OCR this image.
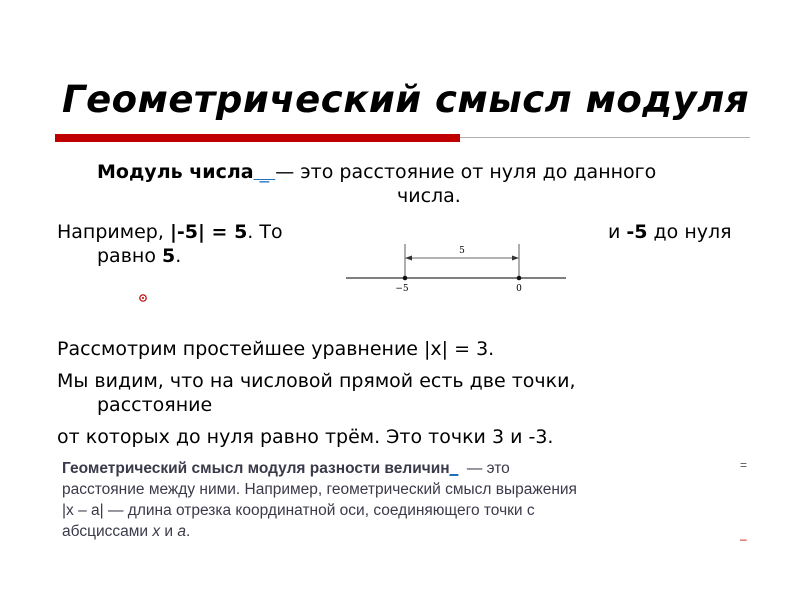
Геометрический смысл модуля
Модуль числа _ — это расстояние от нуля до данного
числа.
Например, |-5| = 5. То	и -5 до нуля
равно 5.	5
−5	0
Рассмотрим простейшее уравнение |x| = 3.
Мы видим, что на числовой прямой есть две точки,
расстояние
от которых до нуля равно трём. Это точки 3 и -3.
Геометрический смысл модуля разности величин_  — это
расстояние между ними. Например, геометрический смысл выражения
|x – a| — длина отрезка координатной оси, соединяющего точки с
абсциссами x и a.
=
–
